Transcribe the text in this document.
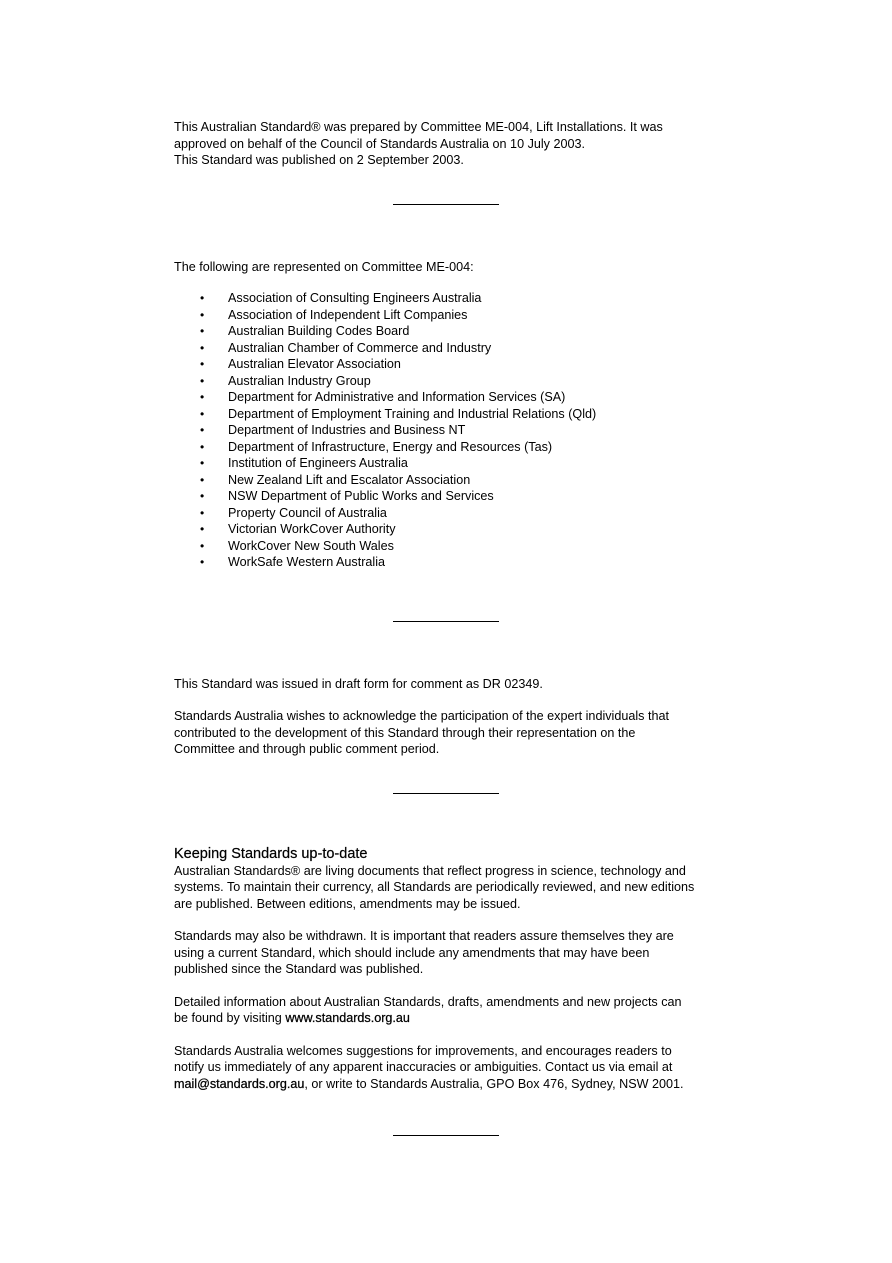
This Australian Standard® was prepared by Committee ME-004, Lift Installations. It was

approved on behalf of the Council of Standards Australia on 10 July 2003.

This Standard was published on 2 September 2003.

The following are represented on Committee ME-004:

• Association of Consulting Engineers Australia
• Association of Independent Lift Companies
• Australian Building Codes Board
• Australian Chamber of Commerce and Industry
• Australian Elevator Association
• Australian Industry Group
• Department for Administrative and Information Services (SA)
• Department of Employment Training and Industrial Relations (Qld)
• Department of Industries and Business NT
• Department of Infrastructure, Energy and Resources (Tas)
• Institution of Engineers Australia
• New Zealand Lift and Escalator Association
• NSW Department of Public Works and Services
• Property Council of Australia
• Victorian WorkCover Authority
• WorkCover New South Wales
• WorkSafe Western Australia

This Standard was issued in draft form for comment as DR 02349.

Standards Australia wishes to acknowledge the participation of the expert individuals that

contributed to the development of this Standard through their representation on the

Committee and through public comment period.

Keeping Standards up-to-date

Australian Standards® are living documents that reflect progress in science, technology and

systems. To maintain their currency, all Standards are periodically reviewed, and new editions

are published. Between editions, amendments may be issued.

Standards may also be withdrawn. It is important that readers assure themselves they are

using a current Standard, which should include any amendments that may have been

published since the Standard was published.

Detailed information about Australian Standards, drafts, amendments and new projects can

be found by visiting www.standards.org.au

Standards Australia welcomes suggestions for improvements, and encourages readers to

notify us immediately of any apparent inaccuracies or ambiguities. Contact us via email at

mail@standards.org.au, or write to Standards Australia, GPO Box 476, Sydney, NSW 2001.
